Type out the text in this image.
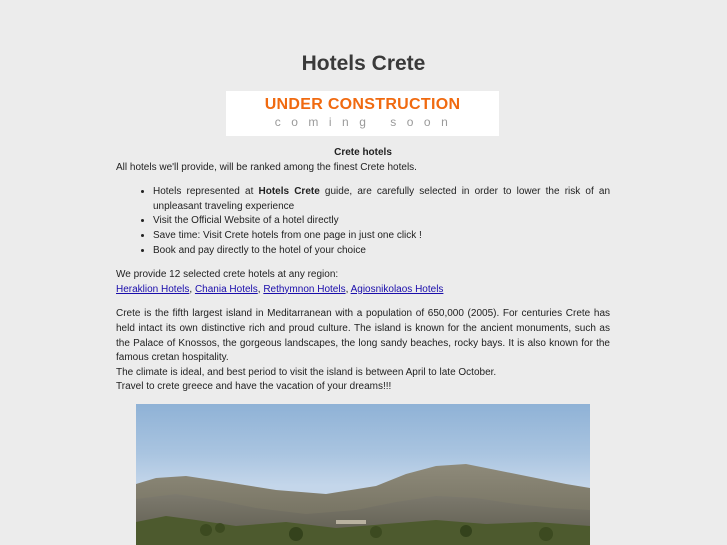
Hotels Crete
UNDER CONSTRUCTION
coming soon
Crete hotels

All hotels we'll provide, will be ranked among the finest Crete hotels.

• Hotels represented at Hotels Crete guide, are carefully selected in order to lower the risk of an unpleasant traveling experience
• Visit the Official Website of a hotel directly
• Save time: Visit Crete hotels from one page in just one click !
• Book and pay directly to the hotel of your choice

We provide 12 selected crete hotels at any region:

Heraklion Hotels, Chania Hotels, Rethymnon Hotels, Agiosnikolaos Hotels

Crete is the fifth largest island in Meditarranean with a population of 650,000 (2005). For centuries Crete has held intact its own distinctive rich and proud culture. The island is known for the ancient monuments, such as the Palace of Knossos, the gorgeous landscapes, the long sandy beaches, rocky bays. It is also known for the famous cretan hospitality.
The climate is ideal, and best period to visit the island is between April to late October.
Travel to crete greece and have the vacation of your dreams!!!
